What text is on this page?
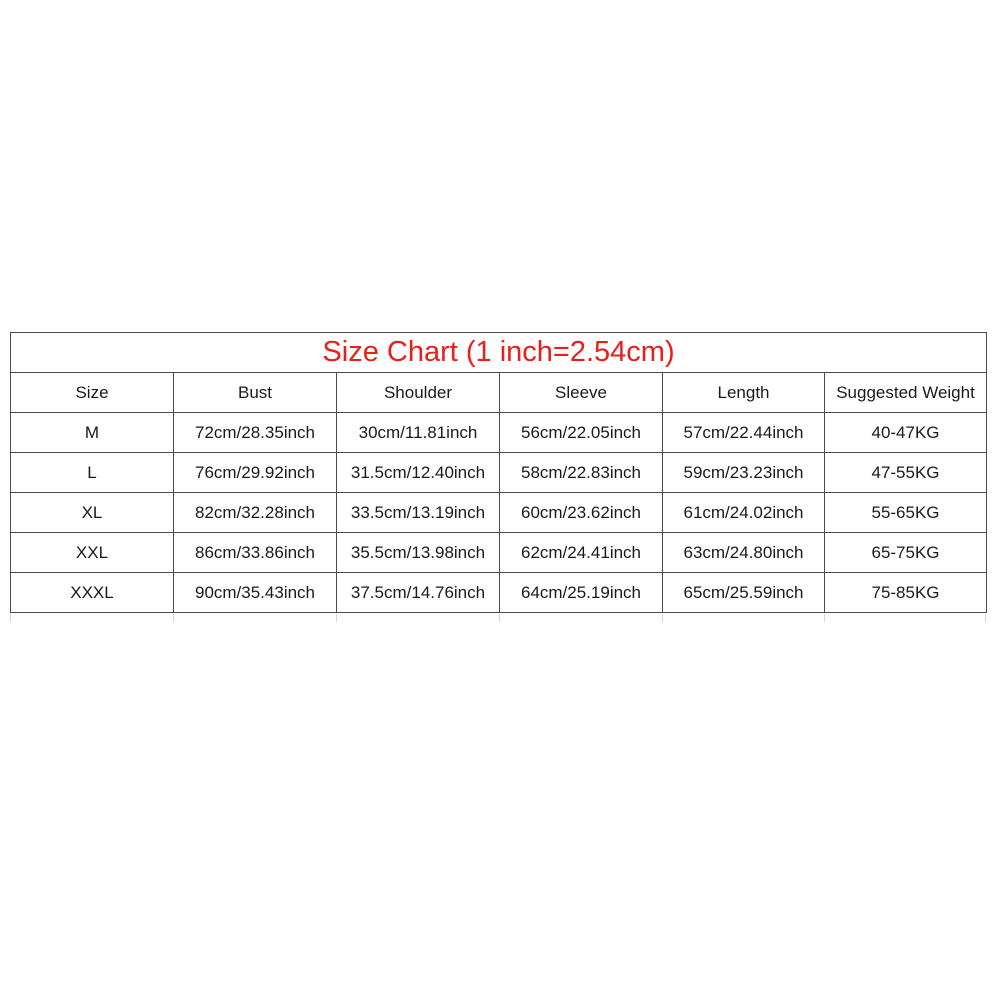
Size Chart (1 inch=2.54cm)					
Size	Bust	Shoulder	Sleeve	Length	Suggested Weight
M	72cm/28.35inch	30cm/11.81inch	56cm/22.05inch	57cm/22.44inch	40-47KG
L	76cm/29.92inch	31.5cm/12.40inch	58cm/22.83inch	59cm/23.23inch	47-55KG
XL	82cm/32.28inch	33.5cm/13.19inch	60cm/23.62inch	61cm/24.02inch	55-65KG
XXL	86cm/33.86inch	35.5cm/13.98inch	62cm/24.41inch	63cm/24.80inch	65-75KG
XXXL	90cm/35.43inch	37.5cm/14.76inch	64cm/25.19inch	65cm/25.59inch	75-85KG
